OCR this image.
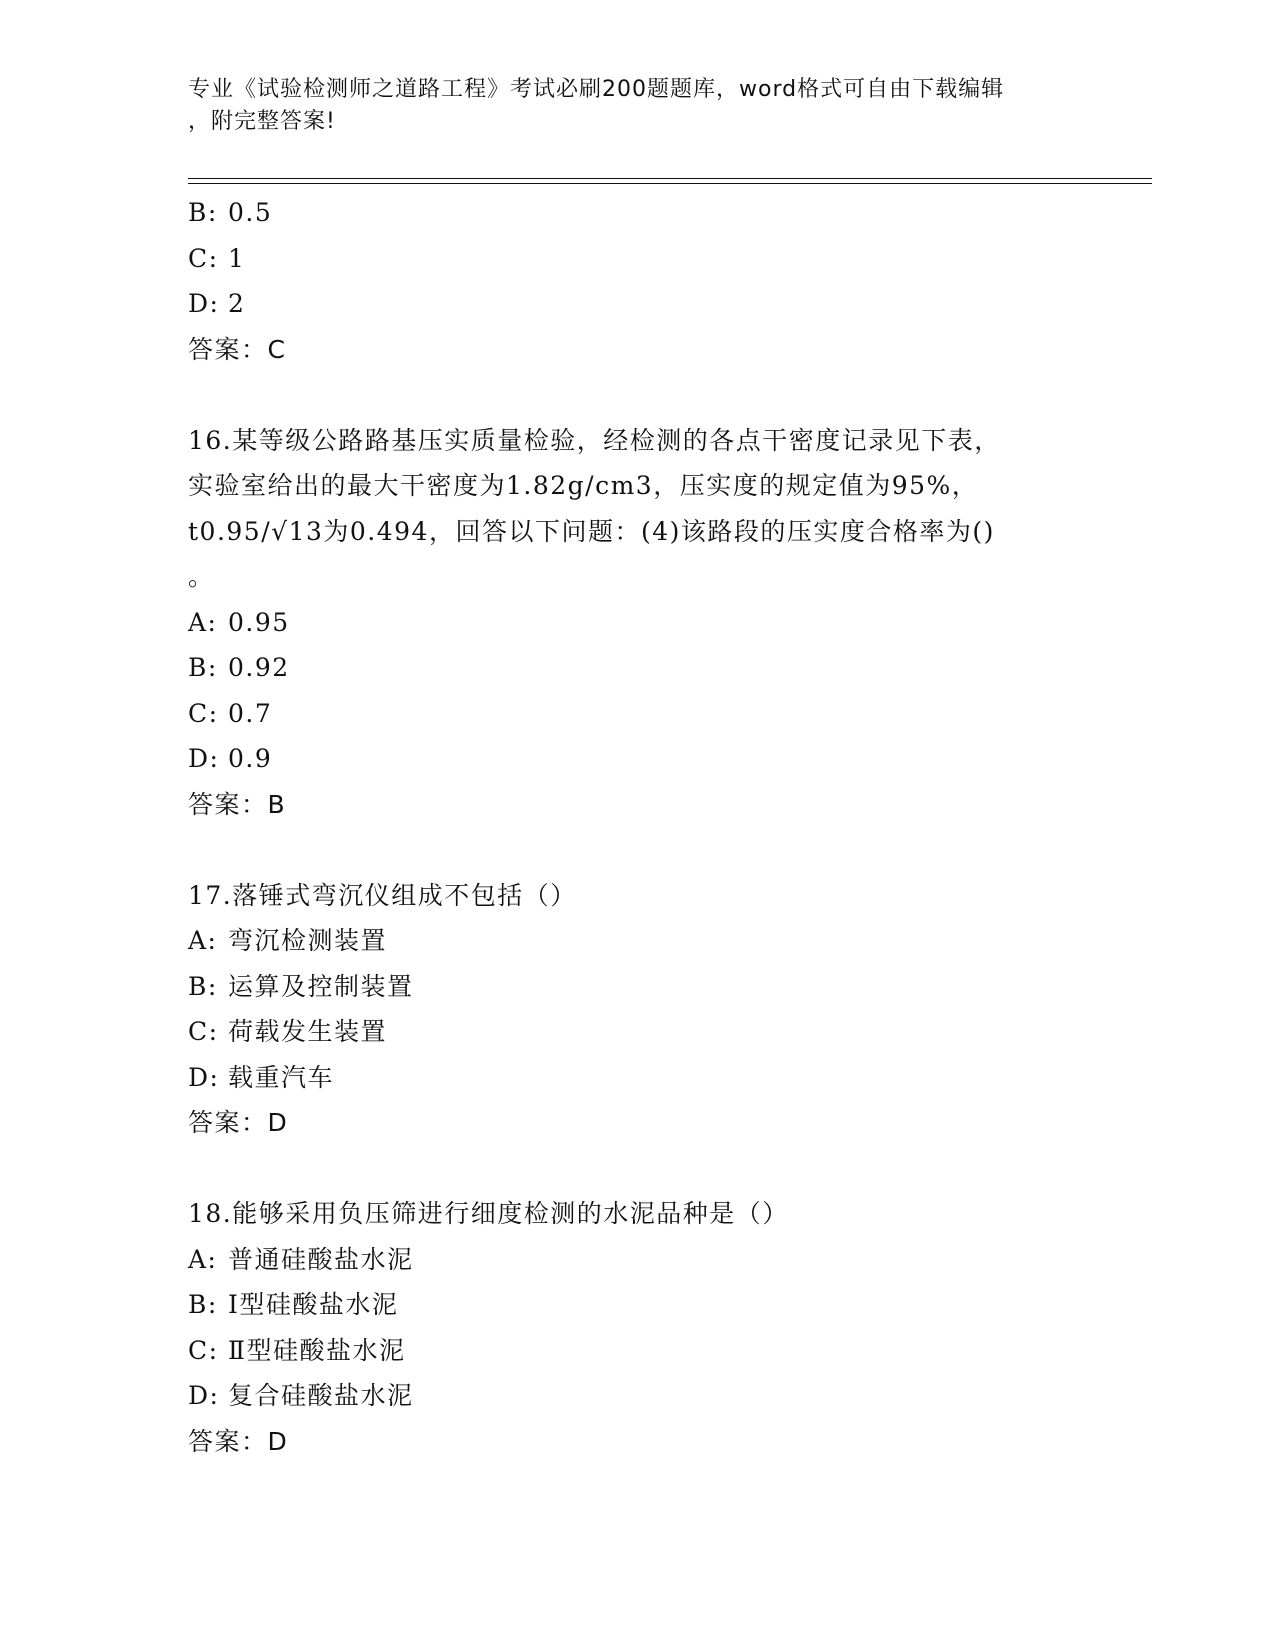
专业《试验检测师之道路工程》考试必刷200题题库，word格式可自由下载编辑
，附完整答案!
B: 0.5
C: 1
D: 2
答案：C
16.某等级公路路基压实质量检验，经检测的各点干密度记录见下表，
实验室给出的最大干密度为1.82g/cm3，压实度的规定值为95%，
t0.95/√13为0.494，回答以下问题：(4)该路段的压实度合格率为()
。
A: 0.95
B: 0.92
C: 0.7
D: 0.9
答案：B
17.落锤式弯沉仪组成不包括（）
A: 弯沉检测装置
B: 运算及控制装置
C: 荷载发生装置
D: 载重汽车
答案：D
18.能够采用负压筛进行细度检测的水泥品种是（）
A: 普通硅酸盐水泥
B: Ⅰ型硅酸盐水泥
C: Ⅱ型硅酸盐水泥
D: 复合硅酸盐水泥
答案：D
